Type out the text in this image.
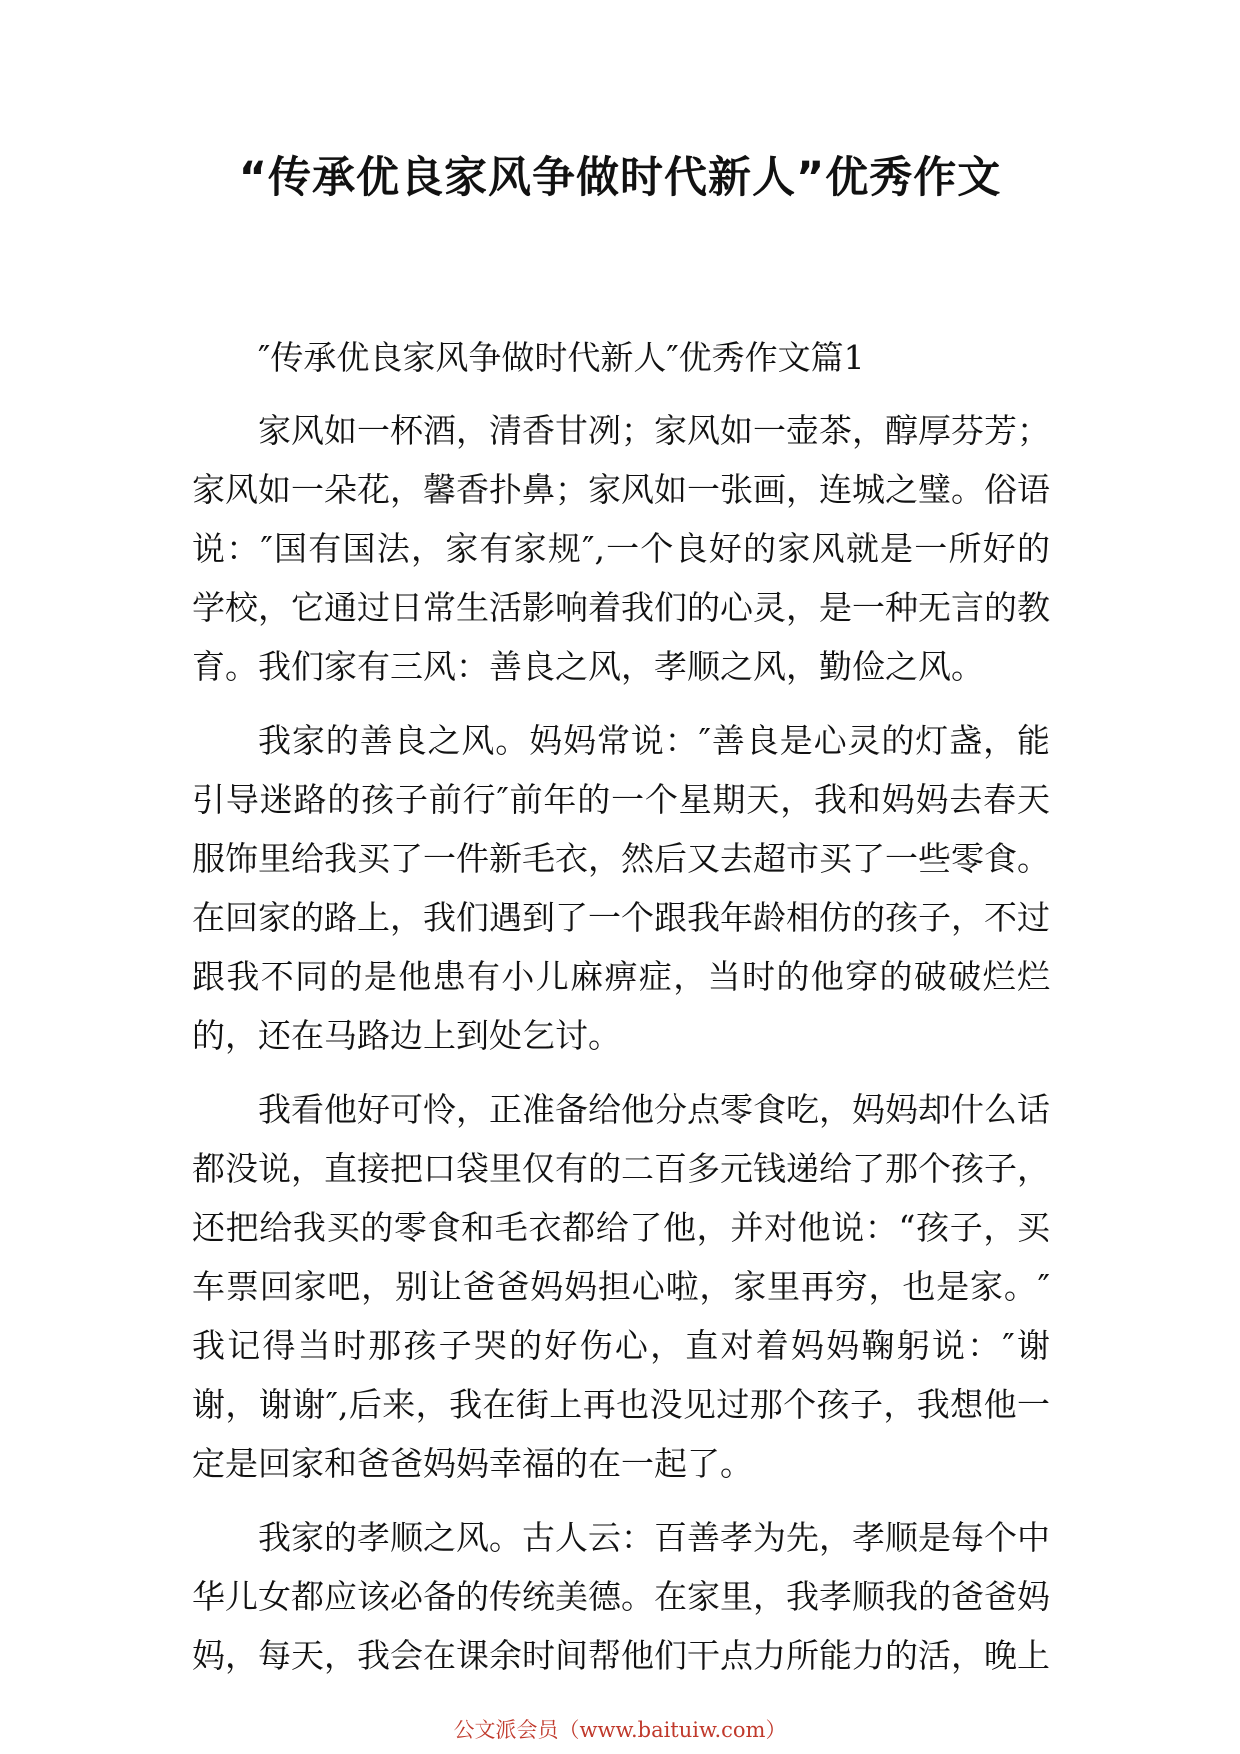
“传承优良家风争做时代新人”优秀作文

″传承优良家风争做时代新人″优秀作文篇1

家风如一杯酒，清香甘冽；家风如一壶茶，醇厚芬芳；家风如一朵花，馨香扑鼻；家风如一张画，连城之璧。俗语说：″国有国法，家有家规″,一个良好的家风就是一所好的学校，它通过日常生活影响着我们的心灵，是一种无言的教育。我们家有三风：善良之风，孝顺之风，勤俭之风。

我家的善良之风。妈妈常说：″善良是心灵的灯盏，能引导迷路的孩子前行″前年的一个星期天，我和妈妈去春天服饰里给我买了一件新毛衣，然后又去超市买了一些零食。在回家的路上，我们遇到了一个跟我年龄相仿的孩子，不过跟我不同的是他患有小儿麻痹症，当时的他穿的破破烂烂的，还在马路边上到处乞讨。

我看他好可怜，正准备给他分点零食吃，妈妈却什么话都没说，直接把口袋里仅有的二百多元钱递给了那个孩子，还把给我买的零食和毛衣都给了他，并对他说：“孩子，买车票回家吧，别让爸爸妈妈担心啦，家里再穷，也是家。″我记得当时那孩子哭的好伤心，直对着妈妈鞠躬说：″谢谢，谢谢″,后来，我在街上再也没见过那个孩子，我想他一定是回家和爸爸妈妈幸福的在一起了。

我家的孝顺之风。古人云：百善孝为先，孝顺是每个中华儿女都应该必备的传统美德。在家里，我孝顺我的爸爸妈妈，每天，我会在课余时间帮他们干点力所能力的活，晚上

公文派会员（www.baituiw.com）
